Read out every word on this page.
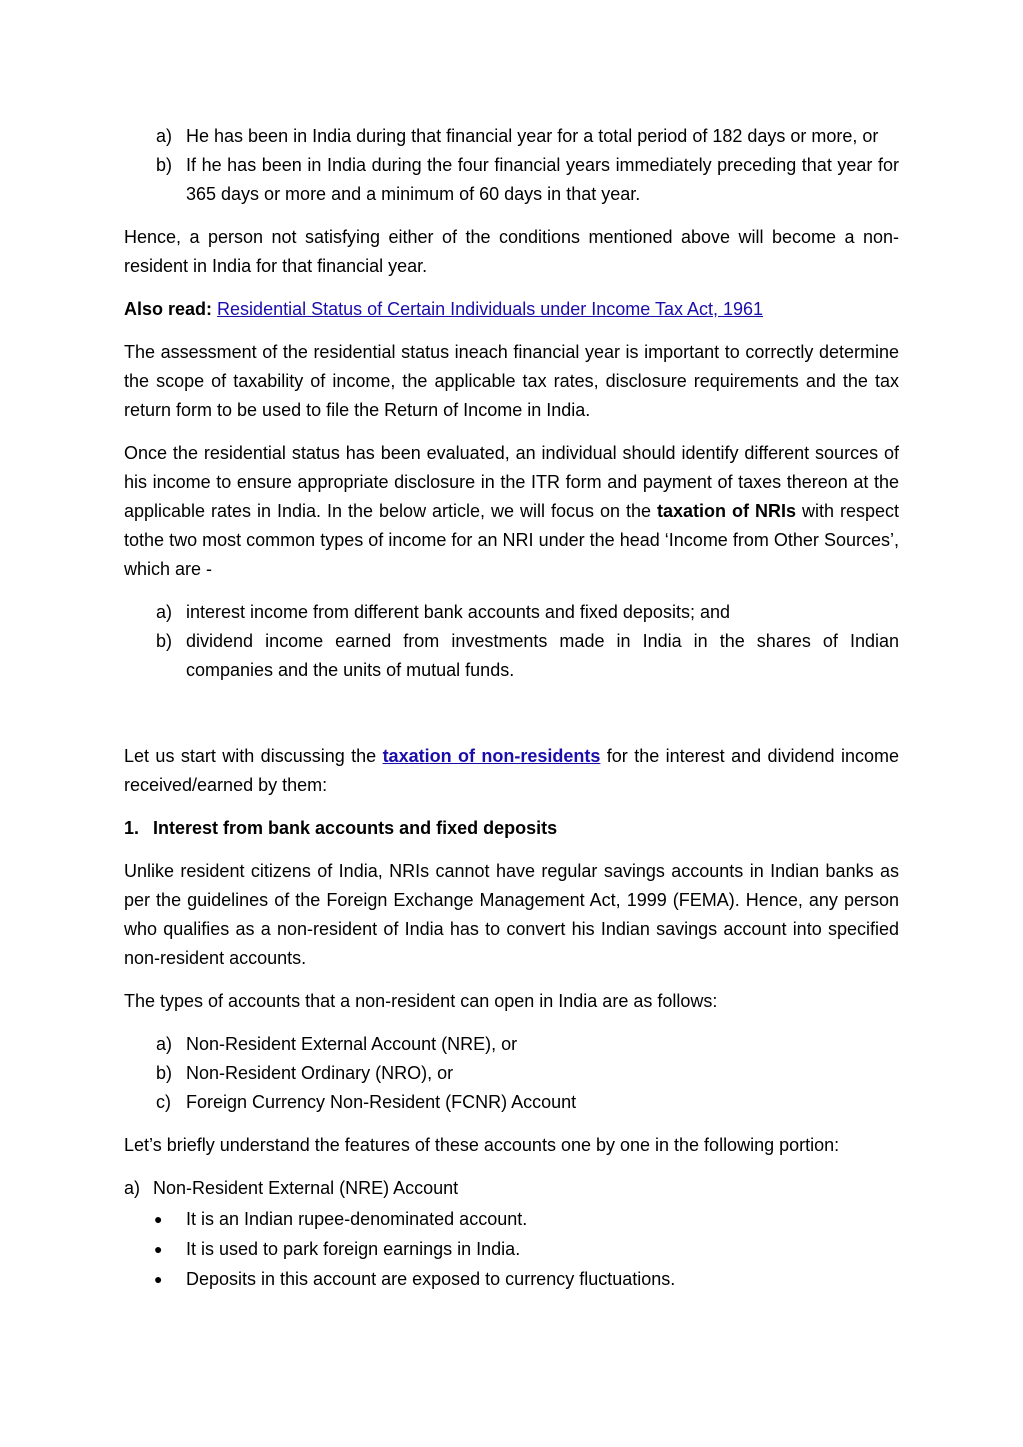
a) He has been in India during that financial year for a total period of 182 days or more, or
b) If he has been in India during the four financial years immediately preceding that year for 365 days or more and a minimum of 60 days in that year.

Hence, a person not satisfying either of the conditions mentioned above will become a non-resident in India for that financial year.

Also read: Residential Status of Certain Individuals under Income Tax Act, 1961

The assessment of the residential status ineach financial year is important to correctly determine the scope of taxability of income, the applicable tax rates, disclosure requirements and the tax return form to be used to file the Return of Income in India.

Once the residential status has been evaluated, an individual should identify different sources of his income to ensure appropriate disclosure in the ITR form and payment of taxes thereon at the applicable rates in India. In the below article, we will focus on the taxation of NRIs with respect tothe two most common types of income for an NRI under the head ‘Income from Other Sources’, which are -

a) interest income from different bank accounts and fixed deposits; and
b) dividend income earned from investments made in India in the shares of Indian companies and the units of mutual funds.

Let us start with discussing the taxation of non-residents for the interest and dividend income received/earned by them:

1. Interest from bank accounts and fixed deposits

Unlike resident citizens of India, NRIs cannot have regular savings accounts in Indian banks as per the guidelines of the Foreign Exchange Management Act, 1999 (FEMA). Hence, any person who qualifies as a non-resident of India has to convert his Indian savings account into specified non-resident accounts.

The types of accounts that a non-resident can open in India are as follows:

a) Non-Resident External Account (NRE), or
b) Non-Resident Ordinary (NRO), or
c) Foreign Currency Non-Resident (FCNR) Account

Let’s briefly understand the features of these accounts one by one in the following portion:

a) Non-Resident External (NRE) Account
●	It is an Indian rupee-denominated account.
●	It is used to park foreign earnings in India.
●	Deposits in this account are exposed to currency fluctuations.
